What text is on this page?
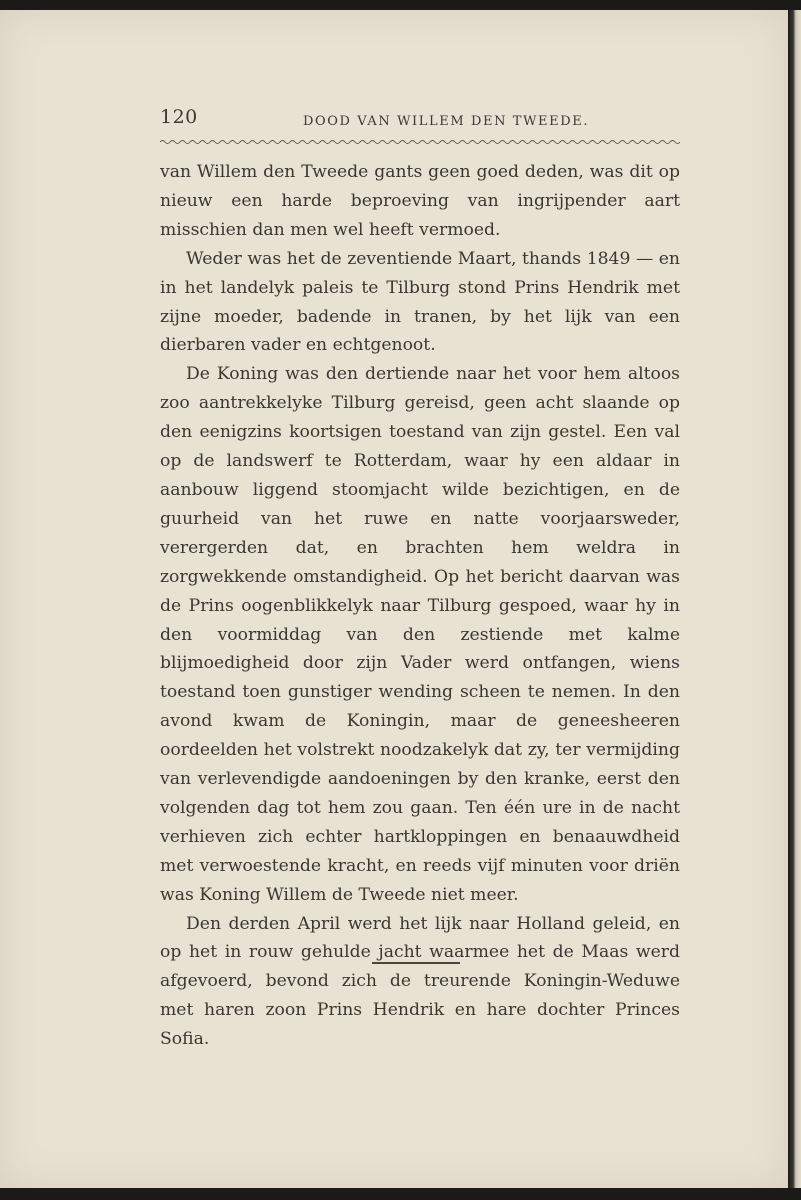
120	DOOD VAN WILLEM DEN TWEEDE.

van Willem den Tweede gants geen goed deden, was dit op nieuw een harde beproeving van ingrijpender aart misschien dan men wel heeft vermoed.

Weder was het de zeventiende Maart, thands 1849 — en in het landelyk paleis te Tilburg stond Prins Hendrik met zijne moeder, badende in tranen, by het lijk van een dierbaren vader en echtgenoot.

De Koning was den dertiende naar het voor hem altoos zoo aantrekkelyke Tilburg gereisd, geen acht slaande op den eenigzins koortsigen toestand van zijn gestel. Een val op de landswerf te Rotterdam, waar hy een aldaar in aanbouw liggend stoomjacht wilde bezichtigen, en de guurheid van het ruwe en natte voorjaarsweder, verergerden dat, en brachten hem weldra in zorgwekkende omstandigheid. Op het bericht daarvan was de Prins oogenblikkelyk naar Tilburg gespoed, waar hy in den voormiddag van den zestiende met kalme blijmoedigheid door zijn Vader werd ontfangen, wiens toestand toen gunstiger wending scheen te nemen. In den avond kwam de Koningin, maar de geneesheeren oordeelden het volstrekt noodzakelyk dat zy, ter vermijding van verlevendigde aandoeningen by den kranke, eerst den volgenden dag tot hem zou gaan. Ten één ure in de nacht verhieven zich echter hartkloppingen en benaauwdheid met verwoestende kracht, en reeds vijf minuten voor driën was Koning Willem de Tweede niet meer.

Den derden April werd het lijk naar Holland geleid, en op het in rouw gehulde jacht waarmee het de Maas werd afgevoerd, bevond zich de treurende Koningin-Weduwe met haren zoon Prins Hendrik en hare dochter Princes Sofia.
